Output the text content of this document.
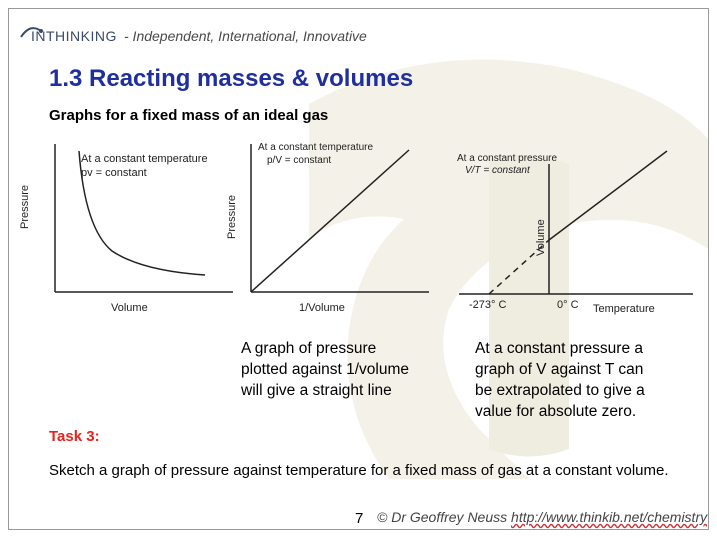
INTHINKING - Independent, International, Innovative
1.3 Reacting masses & volumes
Graphs for a fixed mass of an ideal gas
At a constant temperature
pv = constant
Pressure
Volume
At a constant temperature
p/V = constant
Pressure
1/Volume
At a constant pressure
V/T = constant
Volume
-273° C	0° C Temperature
A graph of pressure
plotted against 1/volume
will give a straight line
At a constant pressure a
graph of V against T can
be extrapolated to give a
value for absolute zero.
Task 3:
Sketch a graph of pressure against temperature for a fixed mass of gas at a constant volume.
7 © Dr Geoffrey Neuss http://www.thinkib.net/chemistry
